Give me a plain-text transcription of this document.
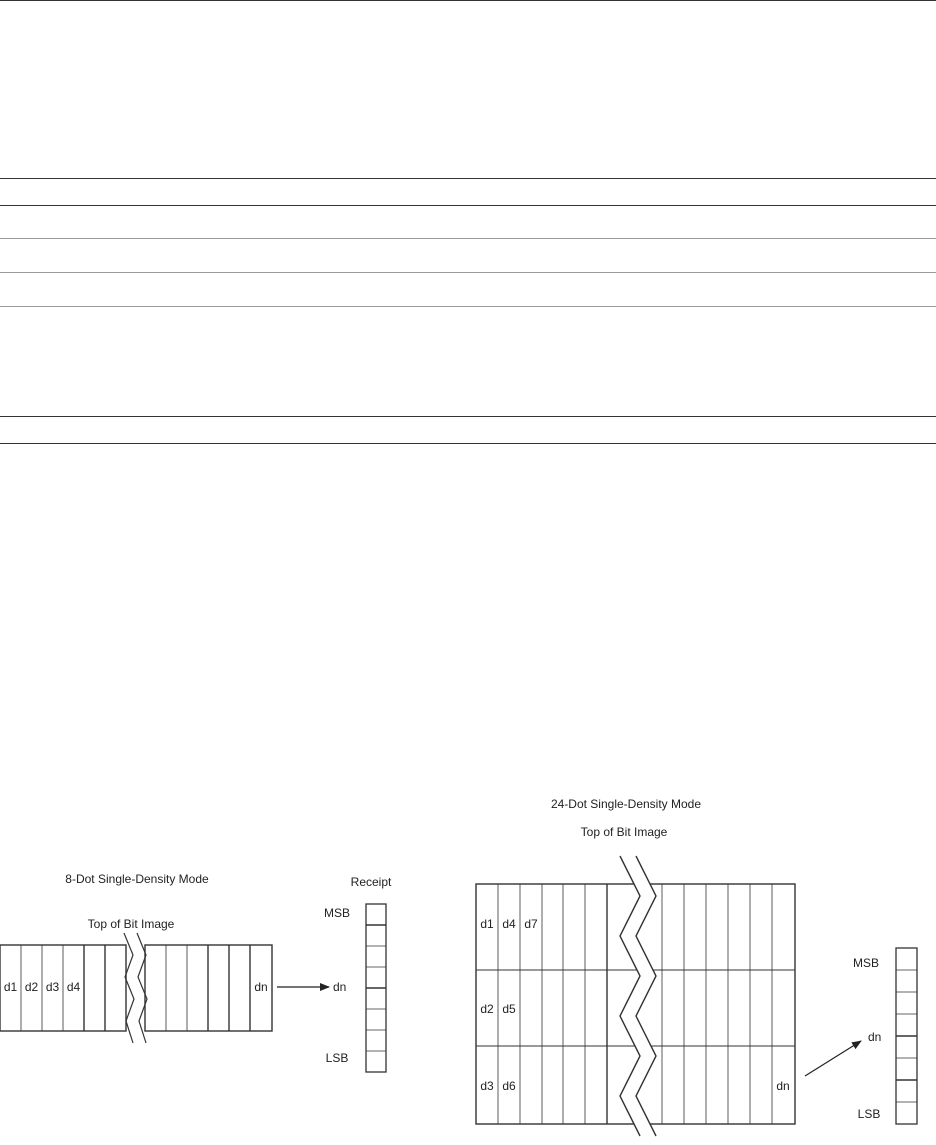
8-Dot Single-Density Mode
Top of Bit Image
Receipt
d1 d2 d3 d4	dn	dn
MSB
LSB
24-Dot Single-Density Mode
Top of Bit Image
d1 d4 d7
d2 d5
d3 d6	dn
dn
MSB
LSB
